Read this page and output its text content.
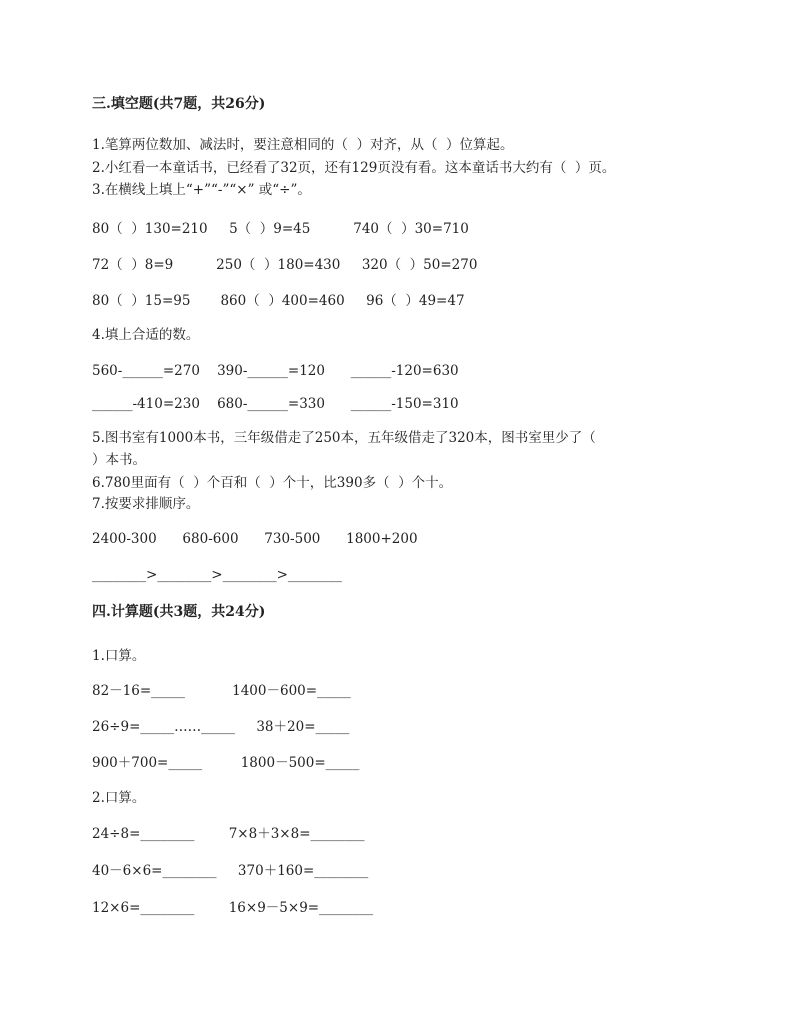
三.填空题(共7题，共26分)
1.笔算两位数加、减法时，要注意相同的（  ）对齐，从（  ）位算起。
2.小红看一本童话书，已经看了32页，还有129页没有看。这本童话书大约有（  ）页。
3.在横线上填上“+”“-”“×” 或“÷”。
80（  ）130=210     5（  ）9=45          740（  ）30=710
72（  ）8=9          250（  ）180=430     320（  ）50=270
80（  ）15=95       860（  ）400=460     96（  ）49=47
4.填上合适的数。
560-______=270    390-______=120      ______-120=630
______-410=230    680-______=330      ______-150=310
5.图书室有1000本书，三年级借走了250本，五年级借走了320本，图书室里少了（
）本书。
6.780里面有（  ）个百和（  ）个十，比390多（  ）个十。
7.按要求排顺序。
2400-300      680-600      730-500      1800+200
________>________>________>________
四.计算题(共3题，共24分)
1.口算。
82－16=_____           1400－600=_____
26÷9=_____……_____     38＋20=_____
900＋700=_____         1800－500=_____
2.口算。
24÷8=________        7×8＋3×8=________
40－6×6=________     370＋160=________
12×6=________        16×9－5×9=________
